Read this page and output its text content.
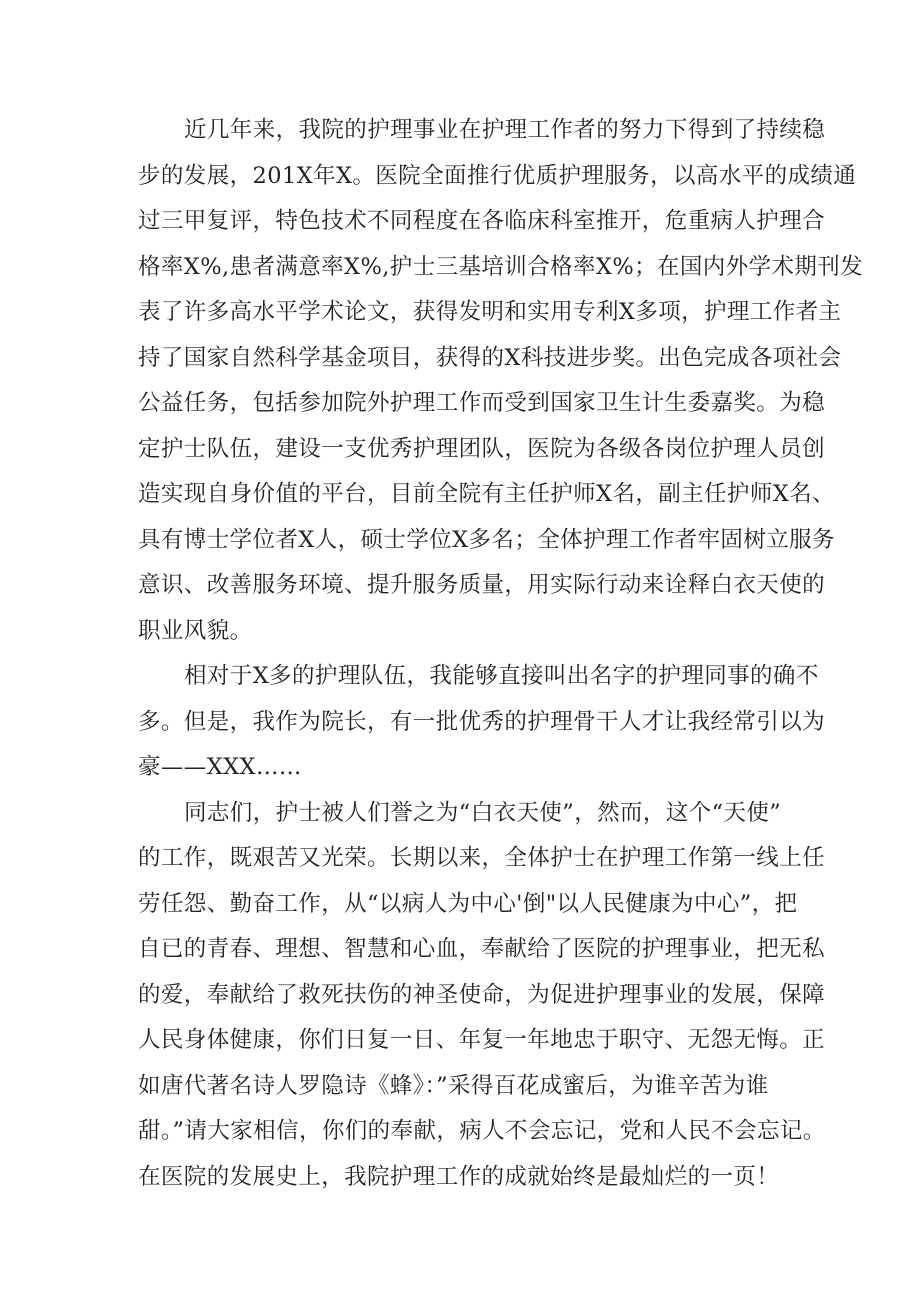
近几年来，我院的护理事业在护理工作者的努力下得到了持续稳
步的发展，201X年X。医院全面推行优质护理服务，以高水平的成绩通
过三甲复评，特色技术不同程度在各临床科室推开，危重病人护理合
格率X%,患者满意率X%,护士三基培训合格率X%；在国内外学术期刊发
表了许多高水平学术论文，获得发明和实用专利X多项，护理工作者主
持了国家自然科学基金项目，获得的X科技进步奖。出色完成各项社会
公益任务，包括参加院外护理工作而受到国家卫生计生委嘉奖。为稳
定护士队伍，建设一支优秀护理团队，医院为各级各岗位护理人员创
造实现自身价值的平台，目前全院有主任护师X名，副主任护师X名、
具有博士学位者X人，硕士学位X多名；全体护理工作者牢固树立服务
意识、改善服务环境、提升服务质量，用实际行动来诠释白衣天使的
职业风貌。
相对于X多的护理队伍，我能够直接叫出名字的护理同事的确不
多。但是，我作为院长，有一批优秀的护理骨干人才让我经常引以为
豪——XXX……
同志们，护士被人们誉之为“白衣天使”，然而，这个“天使”
的工作，既艰苦又光荣。长期以来，全体护士在护理工作第一线上任
劳任怨、勤奋工作，从“以病人为中心'倒"以人民健康为中心”，把
自已的青春、理想、智慧和心血，奉献给了医院的护理事业，把无私
的爱，奉献给了救死扶伤的神圣使命，为促进护理事业的发展，保障
人民身体健康，你们日复一日、年复一年地忠于职守、无怨无悔。正
如唐代著名诗人罗隐诗《蜂》：”采得百花成蜜后，为谁辛苦为谁
甜。”请大家相信，你们的奉献，病人不会忘记，党和人民不会忘记。
在医院的发展史上，我院护理工作的成就始终是最灿烂的一页！
